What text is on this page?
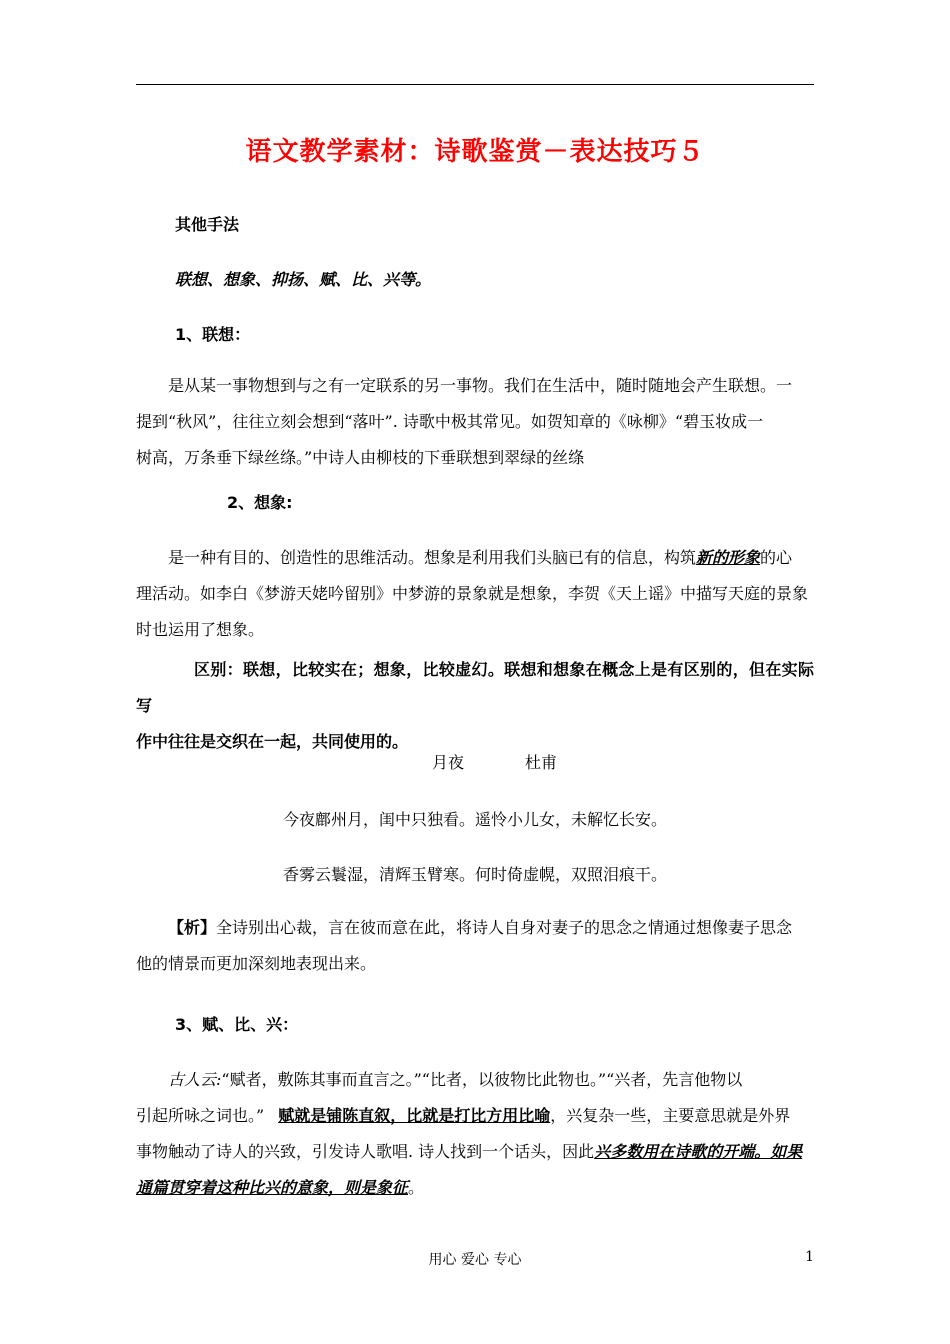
语文教学素材：诗歌鉴赏－表达技巧５
其他手法
联想、想象、抑扬、赋、比、兴等。
1、联想：

是从某一事物想到与之有一定联系的另一事物。我们在生活中，随时随地会产生联想。一

提到“秋风”，往往立刻会想到“落叶”. 诗歌中极其常见。如贺知章的《咏柳》“碧玉妆成一

树高，万条垂下绿丝绦。”中诗人由柳枝的下垂联想到翠绿的丝绦

2、想象:

是一种有目的、创造性的思维活动。想象是利用我们头脑已有的信息，构筑新的形象的心

理活动。如李白《梦游天姥吟留别》中梦游的景象就是想象，李贺《天上谣》中描写天庭的景象

时也运用了想象。

区别：联想，比较实在；想象，比较虚幻。联想和想象在概念上是有区别的，但在实际写

作中往往是交织在一起，共同使用的。

月夜	杜甫
今夜鄜州月，闺中只独看。遥怜小儿女，未解忆长安。
香雾云鬟湿，清辉玉臂寒。何时倚虚幌，双照泪痕干。

【析】全诗别出心裁，言在彼而意在此，将诗人自身对妻子的思念之情通过想像妻子思念

他的情景而更加深刻地表现出来。

3、赋、比、兴：

古人云:“赋者，敷陈其事而直言之。”“比者，以彼物比此物也。”“兴者，先言他物以

引起所咏之词也。” 赋就是铺陈直叙，比就是打比方用比喻，兴复杂一些，主要意思就是外界

事物触动了诗人的兴致，引发诗人歌唱. 诗人找到一个话头，因此兴多数用在诗歌的开端。如果

通篇贯穿着这种比兴的意象，则是象征。

用心 爱心 专心	1
